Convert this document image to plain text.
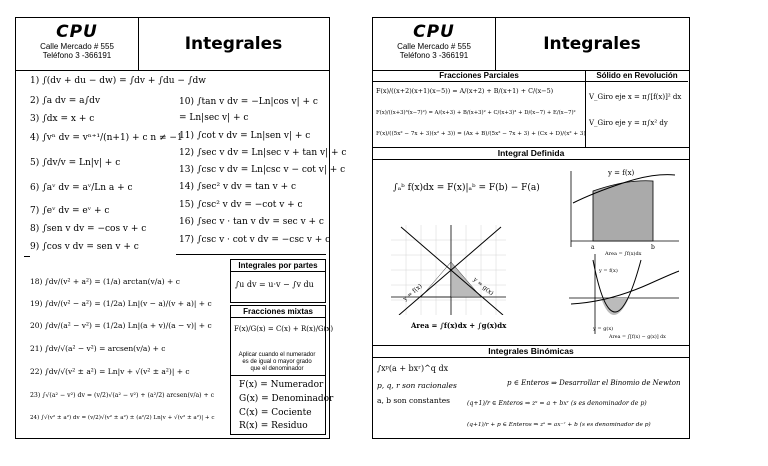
CPU
Calle Mercado # 555
Teléfono 3 -366191
Integrales
1) ∫(dv + du − dw) = ∫dv + ∫du − ∫dw
2) ∫a dv = a∫dv
3) ∫dx = x + c
4) ∫vⁿ dv = vⁿ⁺¹/(n+1) + c n ≠ −1
5) ∫dv/v = Ln|v| + c
6) ∫aᵛ dv = aᵛ/Ln a + c
7) ∫eᵛ dv = eᵛ + c
8) ∫sen v dv = −cos v + c
9) ∫cos v dv = sen v + c
10) ∫tan v dv = −Ln|cos v| + c
= Ln|sec v| + c
11) ∫cot v dv = Ln|sen v| + c
12) ∫sec v dv = Ln|sec v + tan v| + c
13) ∫csc v dv = Ln|csc v − cot v| + c
14) ∫sec² v dv = tan v + c
15) ∫csc² v dv = −cot v + c
16) ∫sec v · tan v dv = sec v + c
17) ∫csc v · cot v dv = −csc v + c
18) ∫dv/(v² + a²) = (1/a) arctan(v/a) + c
19) ∫dv/(v² − a²) = (1/2a) Ln|(v − a)/(v + a)| + c
20) ∫dv/(a² − v²) = (1/2a) Ln|(a + v)/(a − v)| + c
21) ∫dv/√(a² − v²) = arcsen(v/a) + c
22) ∫dv/√(v² ± a²) = Ln|v + √(v² ± a²)| + c
23) ∫√(a² − v²) dv = (v/2)√(a² − v²) + (a²/2) arcsen(v/a) + c
24) ∫√(v² ± a²) dv = (v/2)√(v² ± a²) ± (a²/2) Ln|v + √(v² ± a²)| + c
Integrales por partes
∫u dv = u·v − ∫v du
Fracciones mixtas
F(x)/G(x) = C(x) + R(x)/G(x)
Aplicar cuando el numerador es de igual o mayor grado que el denominador
F(x) = Numerador
G(x) = Denominador
C(x) = Cociente
R(x) = Residuo
CPU
Calle Mercado # 555
Teléfono 3 -366191
Integrales
Fracciones Parciales
F(x)/((x+2)(x+1)(x−5)) = A/(x+2) + B/(x+1) + C/(x−5)
F(x)/((x+3)³(x−7)²) = A/(x+3) + B/(x+3)² + C/(x+3)³ + D/(x−7) + E/(x−7)²
F(x)/((5x² − 7x + 3)(x² + 3)) = (Ax + B)/(5x² − 7x + 3) + (Cx + D)/(x² + 3)
Sólido en Revolución
V_Giro eje x = π∫[f(x)]² dx
V_Giro eje y = π∫x² dy
Integral Definida
∫ₐᵇ f(x)dx = F(x)|ₐᵇ = F(b) − F(a)
y = f(x)
a	b
Area = ∫f(x)dx
y = f(x)	y = g(x)
Area = ∫f(x)dx + ∫g(x)dx
y = f(x)
y = g(x)
Area = ∫[f(x) − g(x)] dx
Integrales Binómicas
∫xᵖ(a + bxʳ)^q dx
p, q, r son racionales
a, b son constantes
p ∈ Enteros ⇒ Desarrollar el Binomio de Newton
(q+1)/r ∈ Enteros ⇒ zˢ = a + bxʳ (s es denominador de p)
(q+1)/r + p ∈ Enteros ⇒ zˢ = ax⁻ʳ + b (s es denominador de p)
